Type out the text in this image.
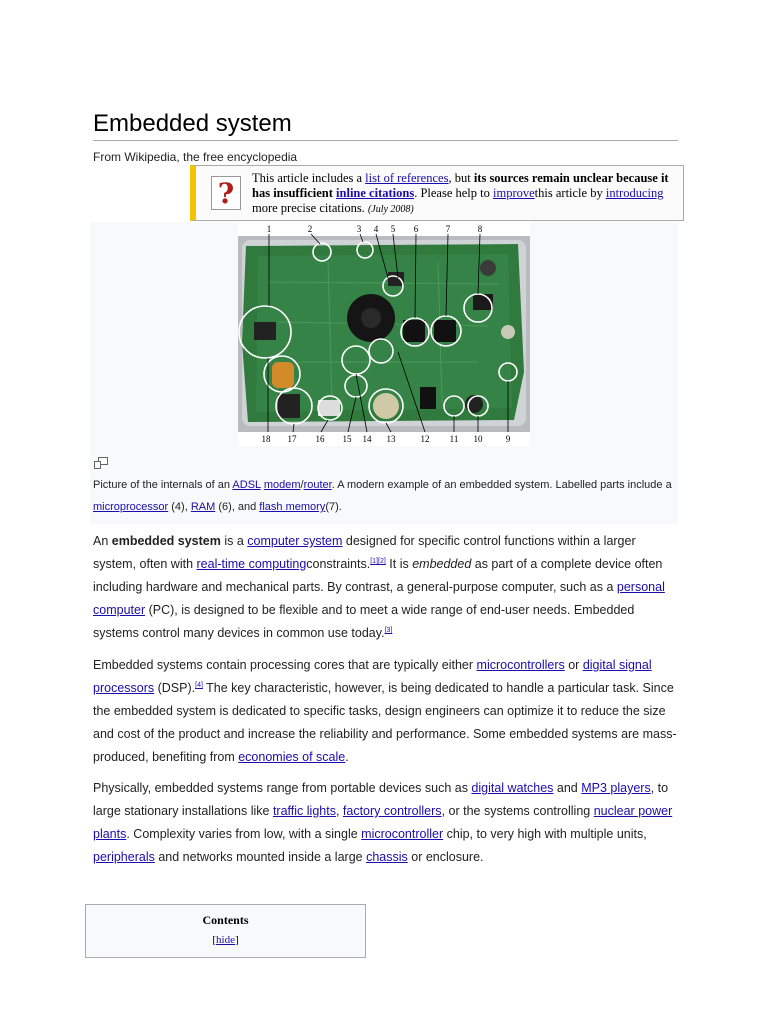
Embedded system
From Wikipedia, the free encyclopedia
?	This article includes a list of references, but its sources remain unclear because it has insufficient inline citations. Please help to improvethis article by introducing more precise citations. (July 2008)
1	2	3 4 5 6	7	8
18 17 16 15 14 13	12 11 10	9
Picture of the internals of an ADSL modem/router. A modern example of an embedded system. Labelled parts include a microprocessor (4), RAM (6), and flash memory(7).

An embedded system is a computer system designed for specific control functions within a larger system, often with real-time computingconstraints.[1][2] It is embedded as part of a complete device often including hardware and mechanical parts. By contrast, a general-purpose computer, such as a personal computer (PC), is designed to be flexible and to meet a wide range of end-user needs. Embedded systems control many devices in common use today.[3]

Embedded systems contain processing cores that are typically either microcontrollers or digital signal processors (DSP).[4] The key characteristic, however, is being dedicated to handle a particular task. Since the embedded system is dedicated to specific tasks, design engineers can optimize it to reduce the size and cost of the product and increase the reliability and performance. Some embedded systems are mass-produced, benefiting from economies of scale.

Physically, embedded systems range from portable devices such as digital watches and MP3 players, to large stationary installations like traffic lights, factory controllers, or the systems controlling nuclear power plants. Complexity varies from low, with a single microcontroller chip, to very high with multiple units, peripherals and networks mounted inside a large chassis or enclosure.

Contents
[hide]
